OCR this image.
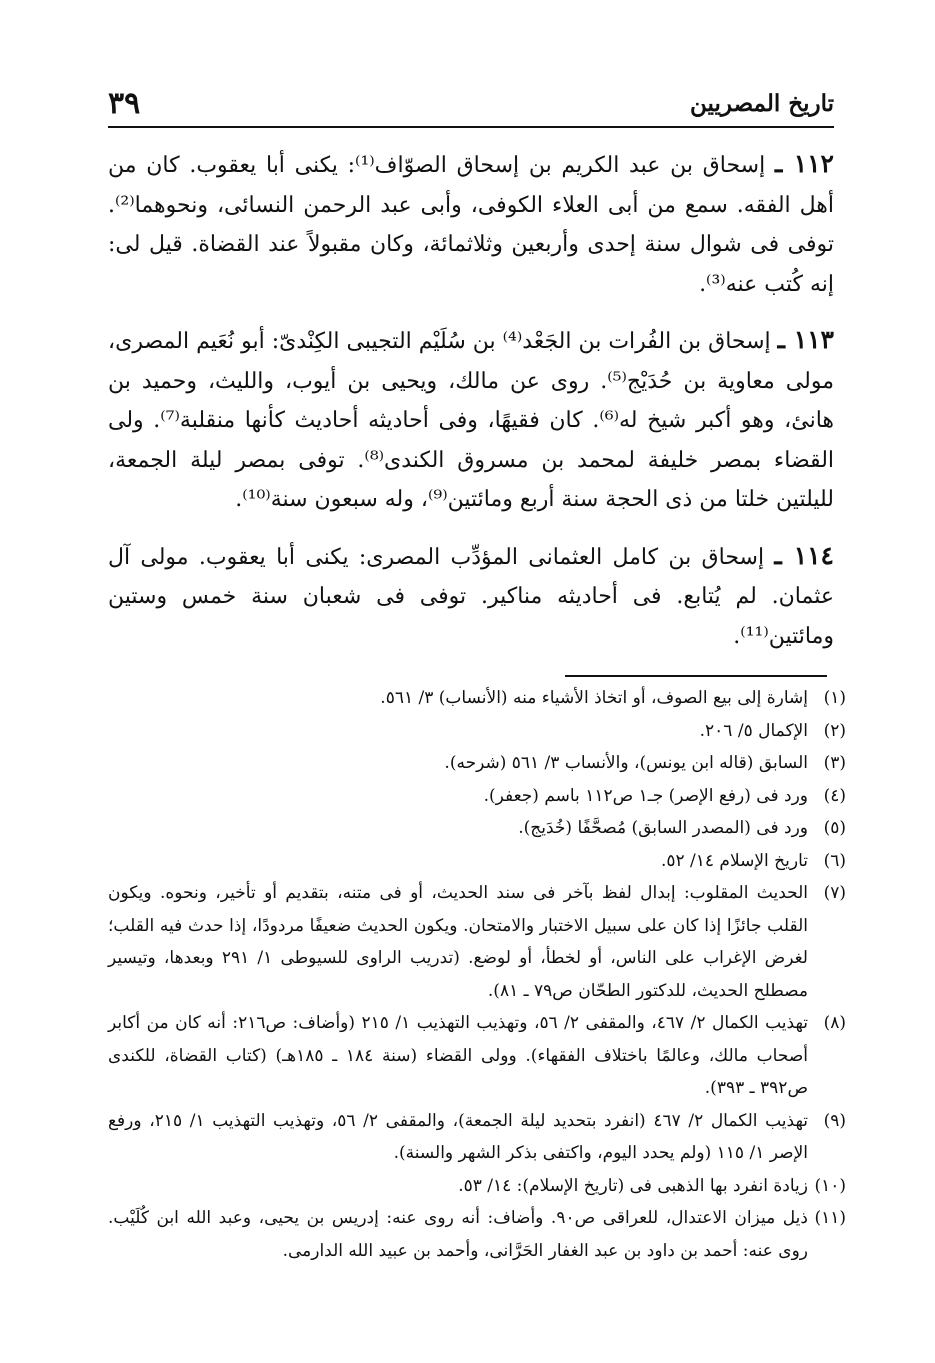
تاريخ المصريين
٣٩

١١٢ ـ إسحاق بن عبد الكريم بن إسحاق الصوّاف⁽¹⁾: يكنى أبا يعقوب. كان من أهل الفقه. سمع من أبى العلاء الكوفى، وأبى عبد الرحمن النسائى، ونحوهما⁽²⁾. توفى فى شوال سنة إحدى وأربعين وثلاثمائة، وكان مقبولاً عند القضاة. قيل لى: إنه كُتب عنه⁽³⁾.

١١٣ ـ إسحاق بن الفُرات بن الجَعْد⁽⁴⁾ بن سُلَيْم التجيبى الكِنْدىّ: أبو نُعَيم المصرى، مولى معاوية بن حُدَيْج⁽⁵⁾. روى عن مالك، ويحيى بن أيوب، والليث، وحميد بن هانئ، وهو أكبر شيخ له⁽⁶⁾. كان فقيهًا، وفى أحاديثه أحاديث كأنها منقلبة⁽⁷⁾. ولى القضاء بمصر خليفة لمحمد بن مسروق الكندى⁽⁸⁾. توفى بمصر ليلة الجمعة، لليلتين خلتا من ذى الحجة سنة أربع ومائتين⁽⁹⁾، وله سبعون سنة⁽¹⁰⁾.

١١٤ ـ إسحاق بن كامل العثمانى المؤدِّب المصرى: يكنى أبا يعقوب. مولى آل عثمان. لم يُتابع. فى أحاديثه مناكير. توفى فى شعبان سنة خمس وستين ومائتين⁽¹¹⁾.

(١)إشارة إلى بيع الصوف، أو اتخاذ الأشياء منه (الأنساب) ٣/ ٥٦١.

(٢)الإكمال ٥/ ٢٠٦.

(٣)السابق (قاله ابن يونس)، والأنساب ٣/ ٥٦١ (شرحه).

(٤)ورد فى (رفع الإصر) جـ١ ص١١٢ باسم (جعفر).

(٥)ورد فى (المصدر السابق) مُصحَّفًا (خُدَيج).

(٦)تاريخ الإسلام ١٤/ ٥٢.

(٧)الحديث المقلوب: إبدال لفظ بآخر فى سند الحديث، أو فى متنه، بتقديم أو تأخير، ونحوه. ويكون القلب جائزًا إذا كان على سبيل الاختبار والامتحان. ويكون الحديث ضعيفًا مردودًا، إذا حدث فيه القلب؛ لغرض الإغراب على الناس، أو لخطأ، أو لوضع. (تدريب الراوى للسيوطى ١/ ٢٩١ وبعدها، وتيسير مصطلح الحديث، للدكتور الطحّان ص٧٩ ـ ٨١).

(٨)تهذيب الكمال ٢/ ٤٦٧، والمقفى ٢/ ٥٦، وتهذيب التهذيب ١/ ٢١٥ (وأضاف: ص٢١٦: أنه كان من أكابر أصحاب مالك، وعالمًا باختلاف الفقهاء). وولى القضاء (سنة ١٨٤ ـ ١٨٥هـ) (كتاب القضاة، للكندى ص٣٩٢ ـ ٣٩٣).

(٩)تهذيب الكمال ٢/ ٤٦٧ (انفرد بتحديد ليلة الجمعة)، والمقفى ٢/ ٥٦، وتهذيب التهذيب ١/ ٢١٥، ورفع الإصر ١/ ١١٥ (ولم يحدد اليوم، واكتفى بذكر الشهر والسنة).

(١٠)زيادة انفرد بها الذهبى فى (تاريخ الإسلام): ١٤/ ٥٣.

(١١)ذيل ميزان الاعتدال، للعراقى ص٩٠. وأضاف: أنه روى عنه: إدريس بن يحيى، وعبد الله ابن كُلَيْب. روى عنه: أحمد بن داود بن عبد الغفار الحَرَّانى، وأحمد بن عبيد الله الدارمى.
